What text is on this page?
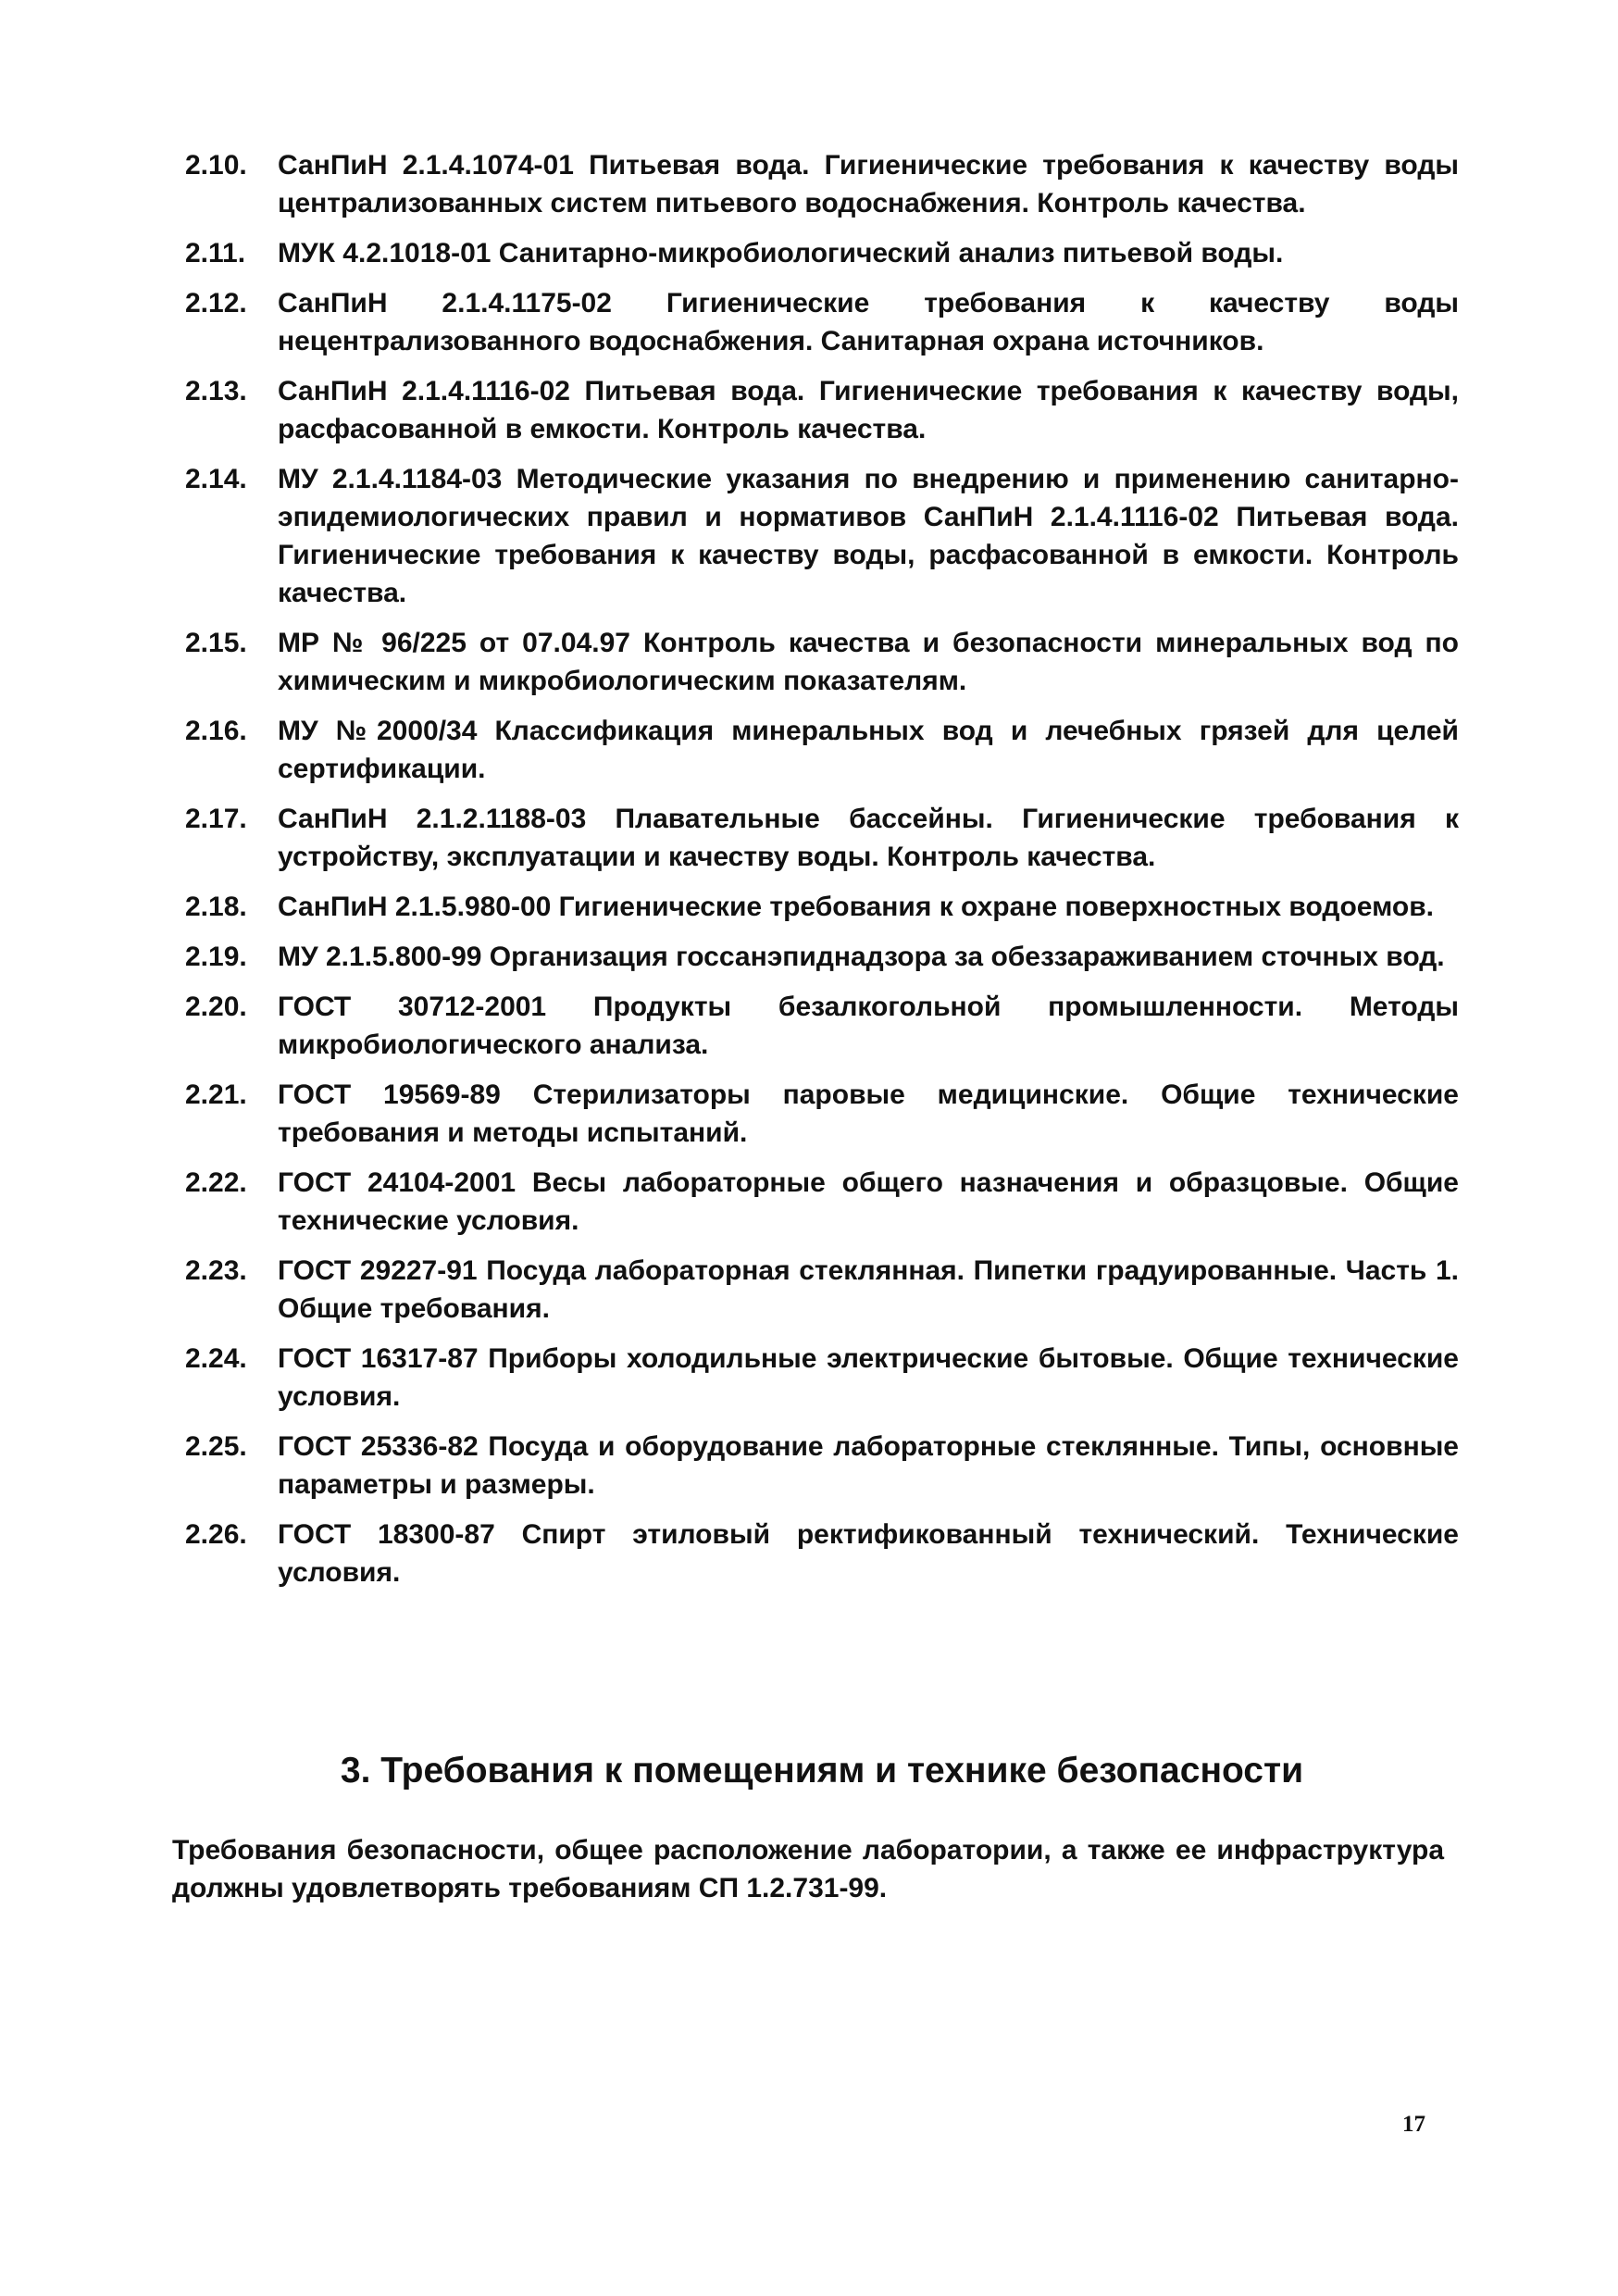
2.10.	СанПиН 2.1.4.1074-01 Питьевая вода. Гигиенические требования к качеству воды централизованных систем питьевого водоснабжения. Контроль качества.
2.11.	МУК 4.2.1018-01 Санитарно-микробиологический анализ питьевой воды.
2.12.	СанПиН 2.1.4.1175-02 Гигиенические требования к качеству воды нецентрализованного водоснабжения. Санитарная охрана источников.
2.13.	СанПиН 2.1.4.1116-02 Питьевая вода. Гигиенические требования к качеству воды, расфасованной в емкости. Контроль качества.
2.14.	МУ 2.1.4.1184-03 Методические указания по внедрению и применению санитарно-эпидемиологических правил и нормативов СанПиН 2.1.4.1116-02 Питьевая вода. Гигиенические требования к качеству воды, расфасованной в емкости. Контроль качества.
2.15.	МР № 96/225 от 07.04.97 Контроль качества и безопасности минеральных вод по химическим и микробиологическим показателям.
2.16.	МУ №2000/34 Классификация минеральных вод и лечебных грязей для целей сертификации.
2.17.	СанПиН 2.1.2.1188-03 Плавательные бассейны. Гигиенические требования к устройству, эксплуатации и качеству воды. Контроль качества.
2.18.	СанПиН 2.1.5.980-00 Гигиенические требования к охране поверхностных водоемов.
2.19.	МУ 2.1.5.800-99 Организация госсанэпиднадзора за обеззараживанием сточных вод.
2.20.	ГОСТ 30712-2001 Продукты безалкогольной промышленности. Методы микробиологического анализа.
2.21.	ГОСТ 19569-89 Стерилизаторы паровые медицинские. Общие технические требования и методы испытаний.
2.22.	ГОСТ 24104-2001 Весы лабораторные общего назначения и образцовые. Общие технические условия.
2.23.	ГОСТ 29227-91 Посуда лабораторная стеклянная. Пипетки градуированные. Часть 1. Общие требования.
2.24.	ГОСТ 16317-87 Приборы холодильные электрические бытовые. Общие технические условия.
2.25.	ГОСТ 25336-82 Посуда и оборудование лабораторные стеклянные. Типы, основные параметры и размеры.
2.26.	ГОСТ 18300-87 Спирт этиловый ректификованный технический. Технические условия.
3. Требования к помещениям и технике безопасности

Требования безопасности, общее расположение лаборатории, а также ее инфраструктура должны удовлетворять требованиям СП 1.2.731-99.

17
